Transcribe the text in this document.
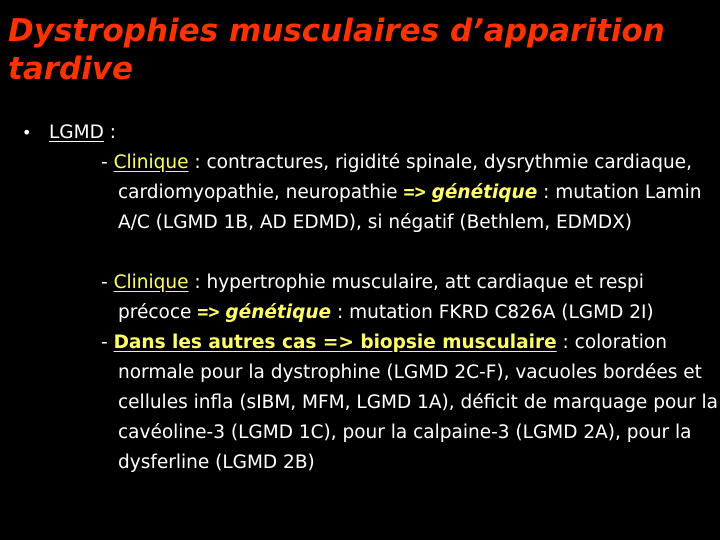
Dystrophies musculaires d’apparition tardive
• LGMD :
- Clinique : contractures, rigidité spinale, dysrythmie cardiaque, cardiomyopathie, neuropathie => génétique : mutation Lamin A/C (LGMD 1B, AD EDMD), si négatif (Bethlem, EDMDX)
- Clinique : hypertrophie musculaire, att cardiaque et respi précoce => génétique : mutation FKRD C826A (LGMD 2I)
- Dans les autres cas => biopsie musculaire : coloration normale pour la dystrophine (LGMD 2C-F), vacuoles bordées et cellules infla (sIBM, MFM, LGMD 1A), déficit de marquage pour la cavéoline-3 (LGMD 1C), pour la calpaine-3 (LGMD 2A), pour la dysferline (LGMD 2B)
